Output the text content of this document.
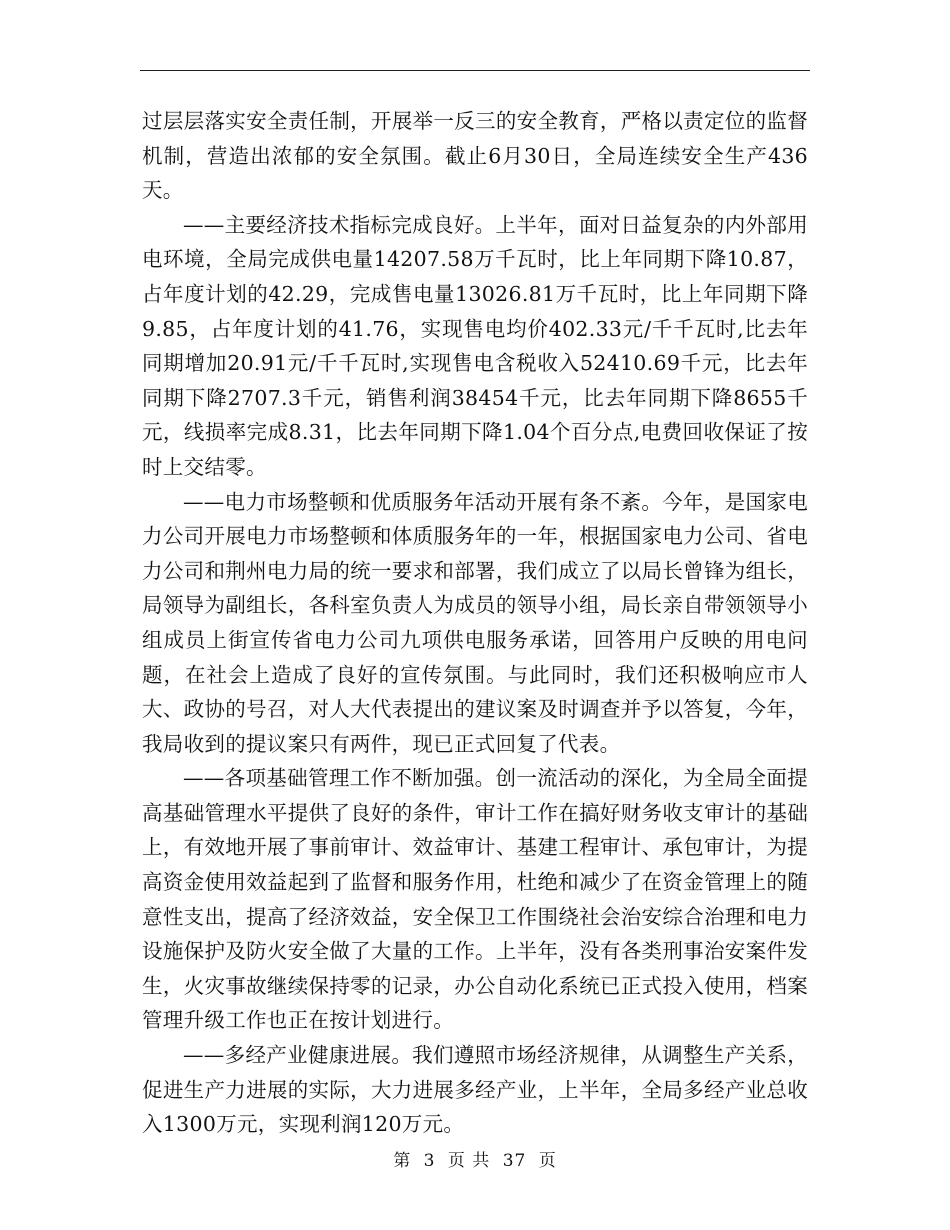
过层层落实安全责任制，开展举一反三的安全教育，严格以责定位的监督机制，营造出浓郁的安全氛围。截止6月30日，全局连续安全生产436天。

——主要经济技术指标完成良好。上半年，面对日益复杂的内外部用电环境，全局完成供电量14207.58万千瓦时，比上年同期下降10.87，占年度计划的42.29，完成售电量13026.81万千瓦时，比上年同期下降9.85，占年度计划的41.76，实现售电均价402.33元/千千瓦时,比去年同期增加20.91元/千千瓦时,实现售电含税收入52410.69千元，比去年同期下降2707.3千元，销售利润38454千元，比去年同期下降8655千元，线损率完成8.31，比去年同期下降1.04个百分点,电费回收保证了按时上交结零。

——电力市场整顿和优质服务年活动开展有条不紊。今年，是国家电力公司开展电力市场整顿和体质服务年的一年，根据国家电力公司、省电力公司和荆州电力局的统一要求和部署，我们成立了以局长曾锋为组长，局领导为副组长，各科室负责人为成员的领导小组，局长亲自带领领导小组成员上街宣传省电力公司九项供电服务承诺，回答用户反映的用电问题，在社会上造成了良好的宣传氛围。与此同时，我们还积极响应市人大、政协的号召，对人大代表提出的建议案及时调查并予以答复，今年，我局收到的提议案只有两件，现已正式回复了代表。

——各项基础管理工作不断加强。创一流活动的深化，为全局全面提高基础管理水平提供了良好的条件，审计工作在搞好财务收支审计的基础上，有效地开展了事前审计、效益审计、基建工程审计、承包审计，为提高资金使用效益起到了监督和服务作用，杜绝和减少了在资金管理上的随意性支出，提高了经济效益，安全保卫工作围绕社会治安综合治理和电力设施保护及防火安全做了大量的工作。上半年，没有各类刑事治安案件发生，火灾事故继续保持零的记录，办公自动化系统已正式投入使用，档案管理升级工作也正在按计划进行。

——多经产业健康进展。我们遵照市场经济规律，从调整生产关系，促进生产力进展的实际，大力进展多经产业，上半年，全局多经产业总收入1300万元，实现利润120万元。

第 3 页 共 37 页
